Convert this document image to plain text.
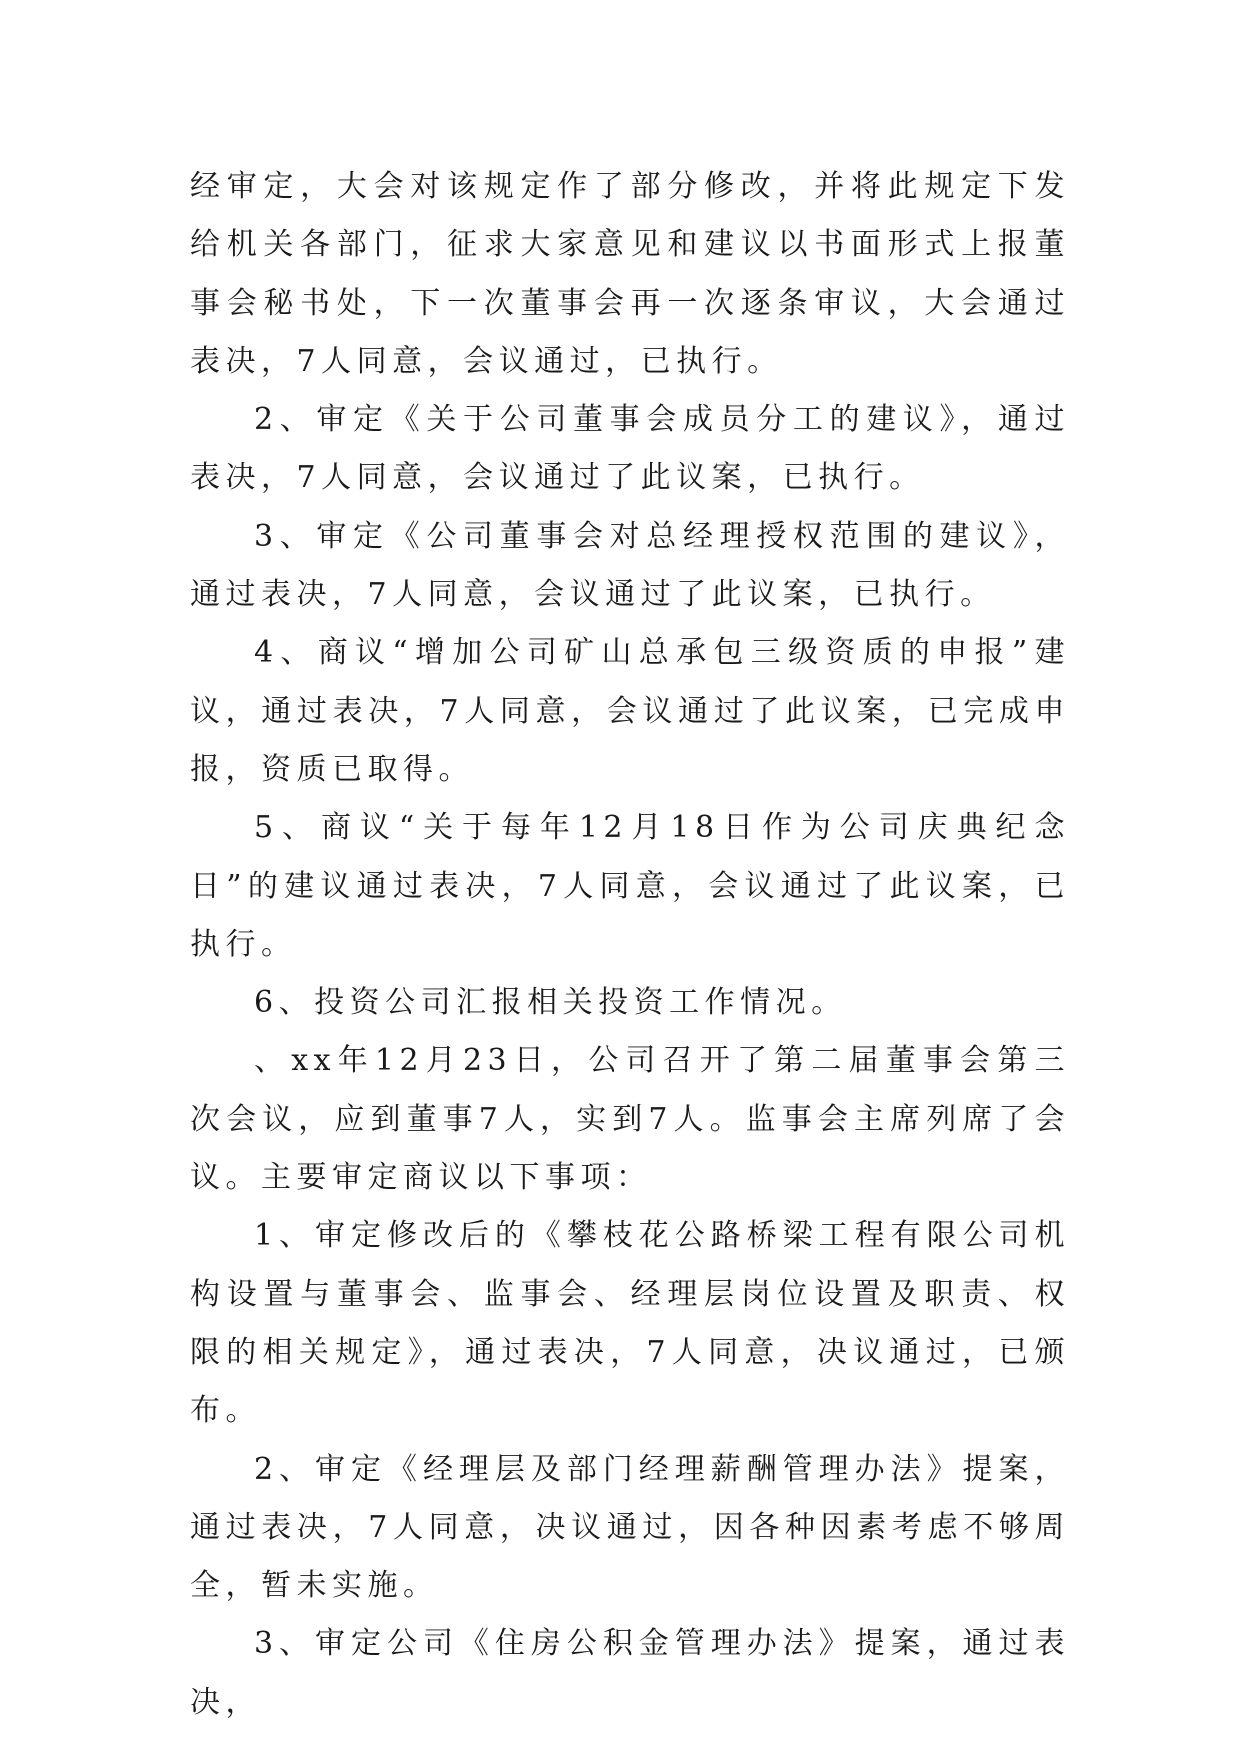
经审定，大会对该规定作了部分修改，并将此规定下发给机关各部门，征求大家意见和建议以书面形式上报董事会秘书处，下一次董事会再一次逐条审议，大会通过表决，7人同意，会议通过，已执行。

2、审定《关于公司董事会成员分工的建议》，通过表决，7人同意，会议通过了此议案，已执行。

3、审定《公司董事会对总经理授权范围的建议》，通过表决，7人同意，会议通过了此议案，已执行。

4、商议“增加公司矿山总承包三级资质的申报”建议，通过表决，7人同意，会议通过了此议案，已完成申报，资质已取得。

5、商议“关于每年12月18日作为公司庆典纪念日”的建议通过表决，7人同意，会议通过了此议案，已执行。

6、投资公司汇报相关投资工作情况。

、xx年12月23日，公司召开了第二届董事会第三次会议，应到董事7人，实到7人。监事会主席列席了会议。主要审定商议以下事项：

1、审定修改后的《攀枝花公路桥梁工程有限公司机构设置与董事会、监事会、经理层岗位设置及职责、权限的相关规定》，通过表决，7人同意，决议通过，已颁布。

2、审定《经理层及部门经理薪酬管理办法》提案，通过表决，7人同意，决议通过，因各种因素考虑不够周全，暂未实施。

3、审定公司《住房公积金管理办法》提案，通过表决，
